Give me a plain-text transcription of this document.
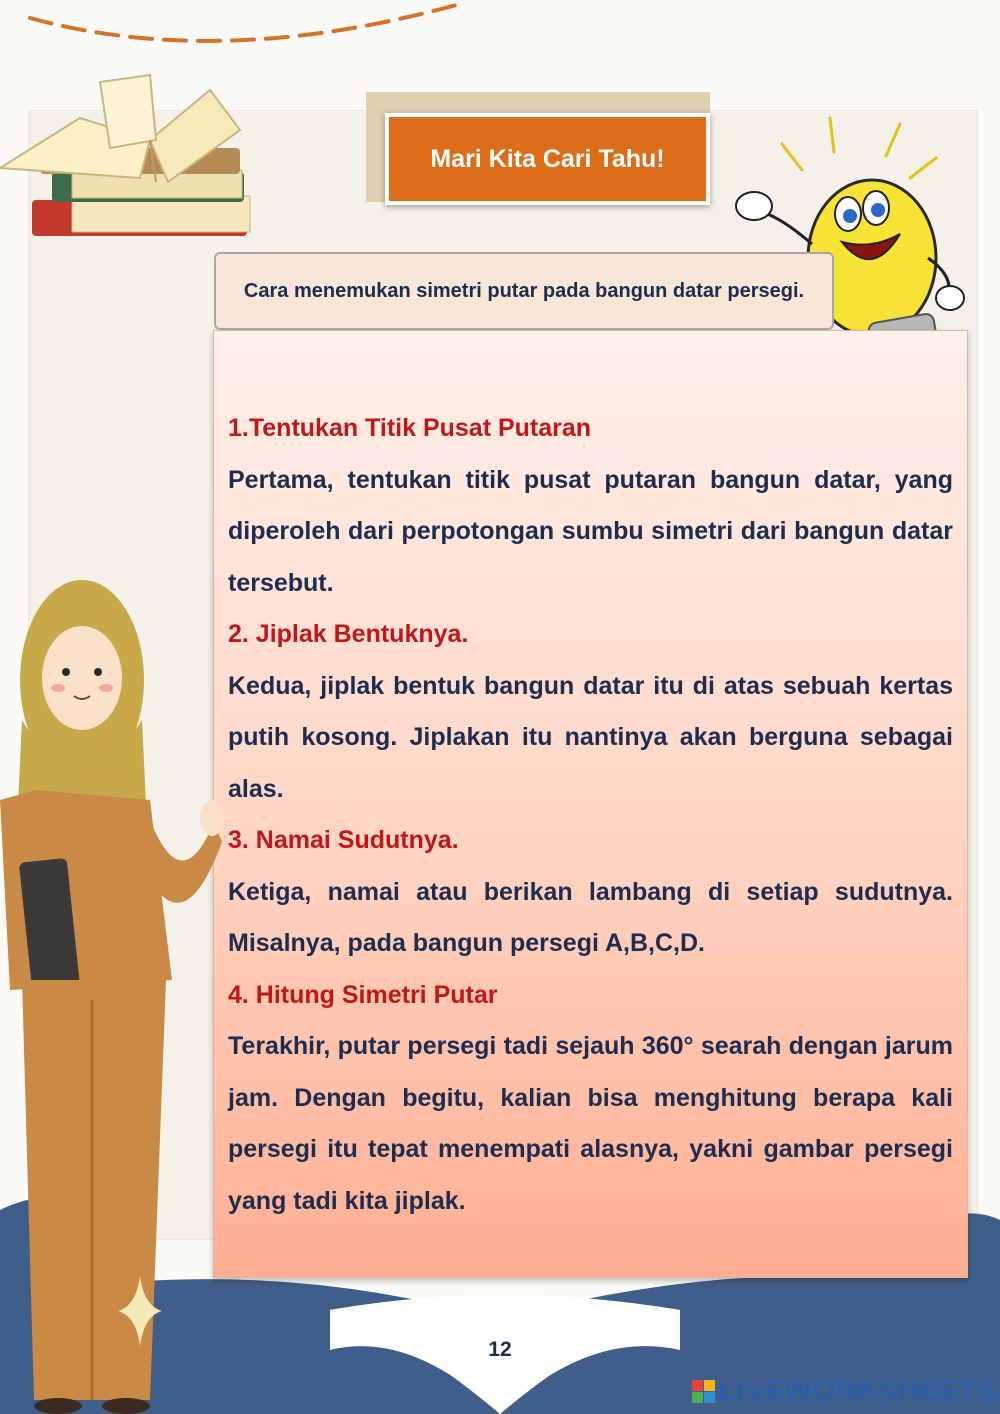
Mari Kita Cari Tahu!
Cara menemukan simetri putar pada bangun datar persegi.
1.Tentukan Titik Pusat Putaran
Pertama, tentukan titik pusat putaran bangun datar, yang diperoleh dari perpotongan sumbu simetri dari bangun datar tersebut.
2. Jiplak Bentuknya.
Kedua, jiplak bentuk bangun datar itu di atas sebuah kertas putih kosong. Jiplakan itu nantinya akan berguna sebagai alas.
3. Namai Sudutnya.
Ketiga, namai atau berikan lambang di setiap sudutnya. Misalnya, pada bangun persegi A,B,C,D.
4. Hitung Simetri Putar
Terakhir, putar persegi tadi sejauh 360° searah dengan jarum jam. Dengan begitu, kalian bisa menghitung berapa kali persegi itu tepat menempati alasnya, yakni gambar persegi yang tadi kita jiplak.
12
LIVEWORKSHEETS
